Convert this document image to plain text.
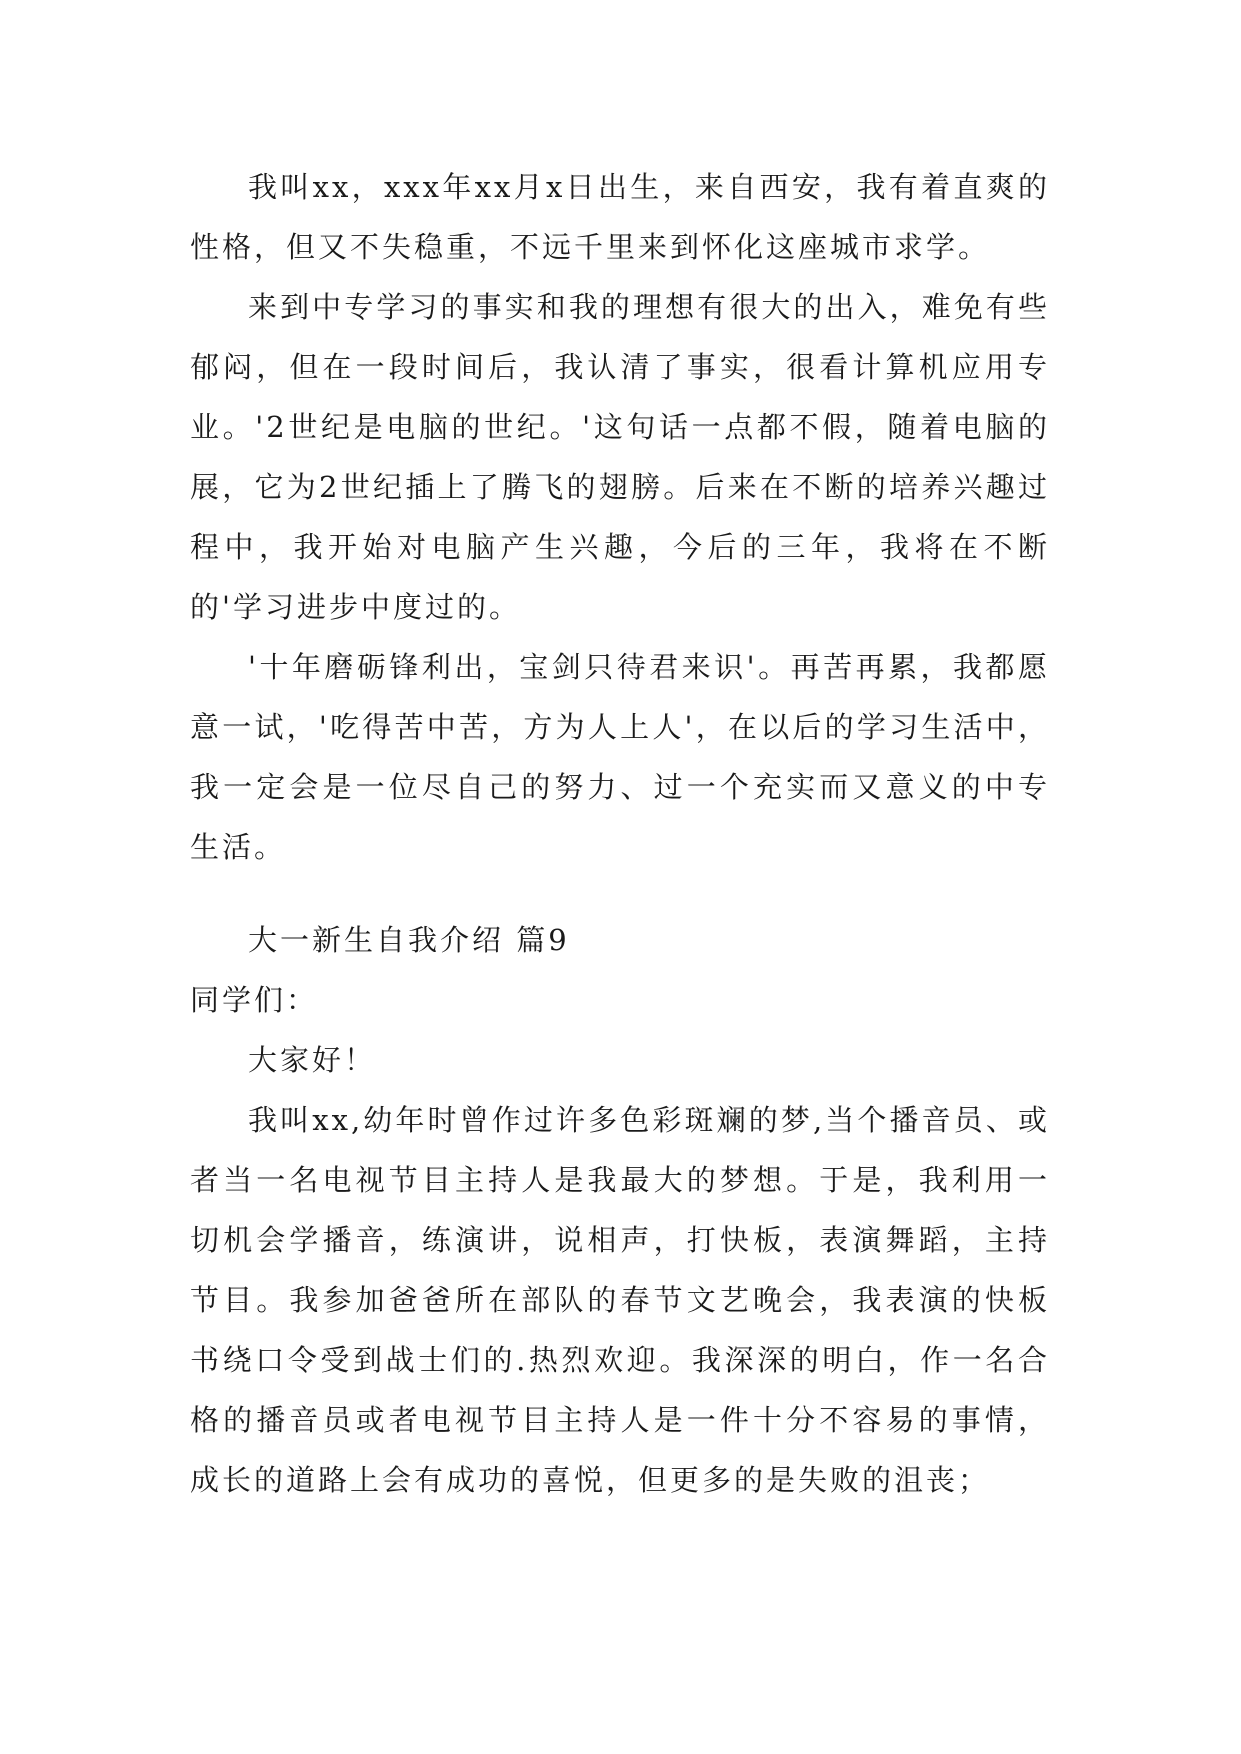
我叫xx，xxx年xx月x日出生，来自西安，我有着直爽的性格，但又不失稳重，不远千里来到怀化这座城市求学。

来到中专学习的事实和我的理想有很大的出入，难免有些郁闷，但在一段时间后，我认清了事实，很看计算机应用专业。'2世纪是电脑的世纪。'这句话一点都不假，随着电脑的展，它为2世纪插上了腾飞的翅膀。后来在不断的培养兴趣过程中，我开始对电脑产生兴趣，今后的三年，我将在不断的'学习进步中度过的。

'十年磨砺锋利出，宝剑只待君来识'。再苦再累，我都愿意一试，'吃得苦中苦，方为人上人'，在以后的学习生活中，我一定会是一位尽自己的努力、过一个充实而又意义的中专生活。

大一新生自我介绍 篇9

同学们：

大家好！

我叫xx,幼年时曾作过许多色彩斑斓的梦,当个播音员、或者当一名电视节目主持人是我最大的梦想。于是，我利用一切机会学播音，练演讲，说相声，打快板，表演舞蹈，主持节目。我参加爸爸所在部队的春节文艺晚会，我表演的快板书绕口令受到战士们的.热烈欢迎。我深深的明白，作一名合格的播音员或者电视节目主持人是一件十分不容易的事情，成长的道路上会有成功的喜悦，但更多的是失败的沮丧；
